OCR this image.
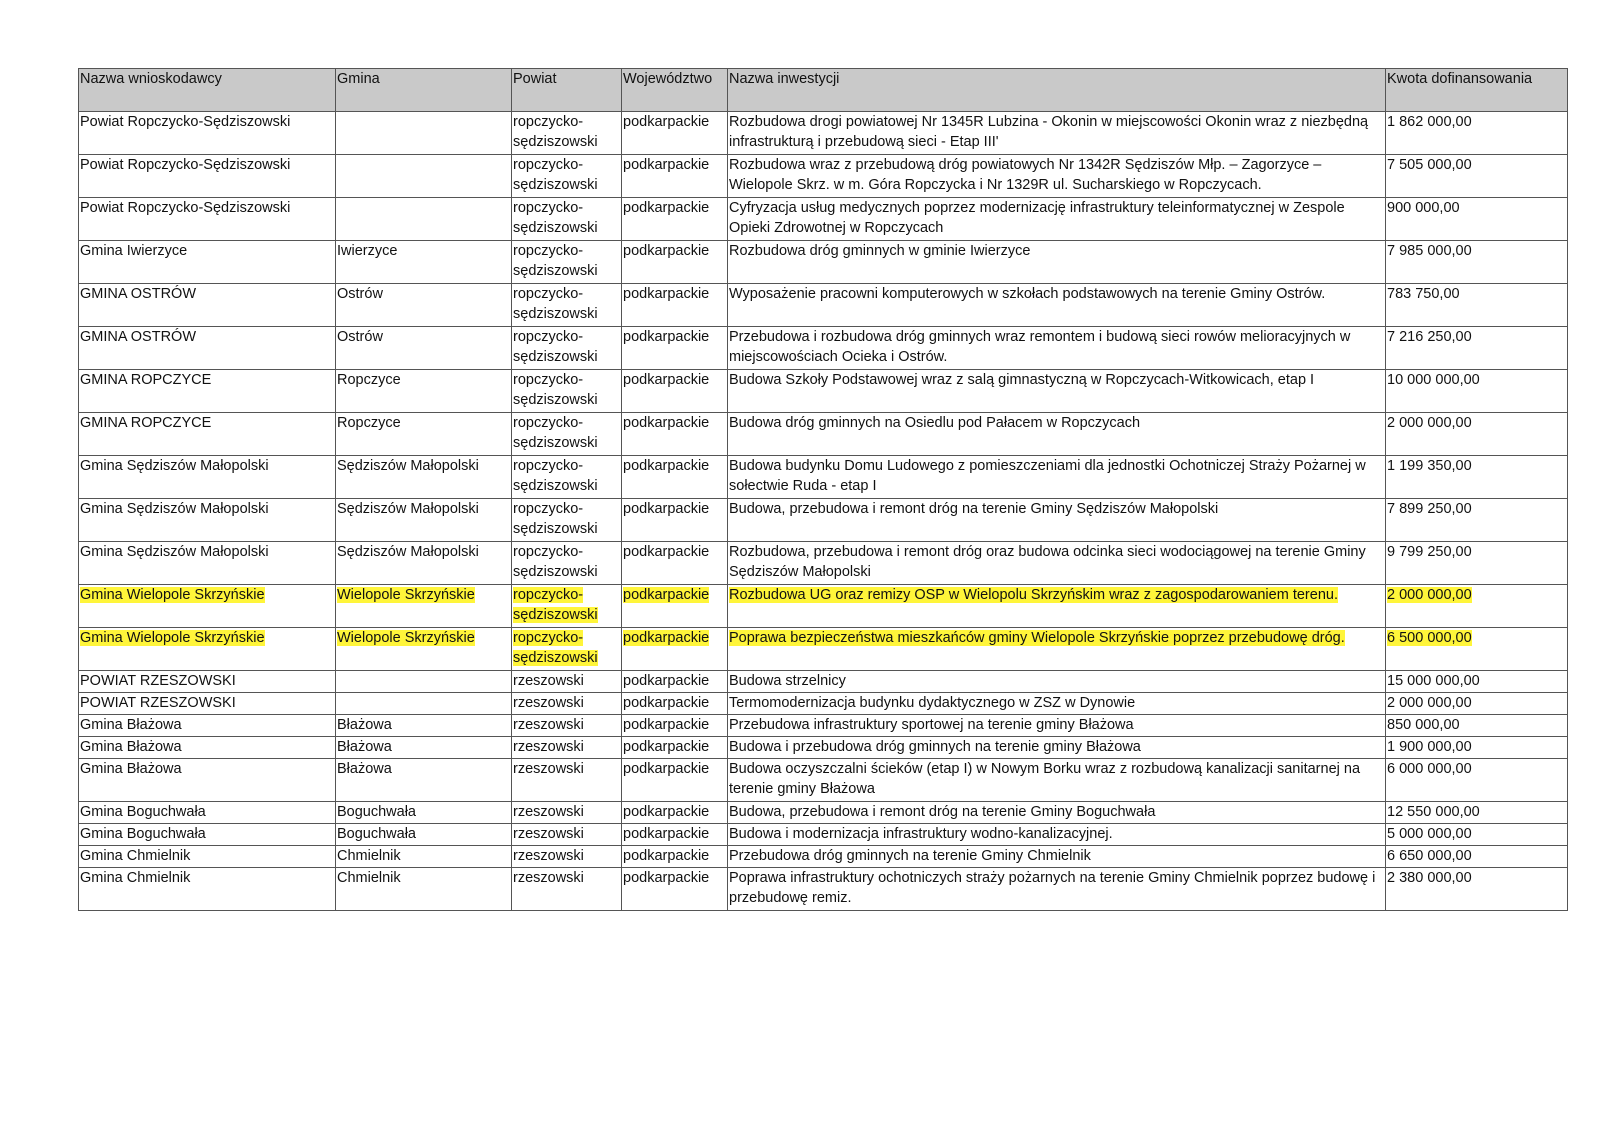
Nazwa wnioskodawcy	Gmina	Powiat	Województwo	Nazwa inwestycji	Kwota dofinansowania
Powiat Ropczycko-Sędziszowski		ropczycko-sędziszowski	podkarpackie	Rozbudowa drogi powiatowej Nr 1345R Lubzina - Okonin w miejscowości Okonin wraz z niezbędną infrastrukturą i przebudową sieci - Etap III'	1 862 000,00
Powiat Ropczycko-Sędziszowski		ropczycko-sędziszowski	podkarpackie	Rozbudowa wraz z przebudową dróg powiatowych Nr 1342R Sędziszów Młp. – Zagorzyce – Wielopole Skrz. w m. Góra Ropczycka i Nr 1329R ul. Sucharskiego w Ropczycach.	7 505 000,00
Powiat Ropczycko-Sędziszowski		ropczycko-sędziszowski	podkarpackie	Cyfryzacja usług medycznych poprzez modernizację infrastruktury teleinformatycznej w Zespole Opieki Zdrowotnej w Ropczycach	900 000,00
Gmina Iwierzyce	Iwierzyce	ropczycko-sędziszowski	podkarpackie	Rozbudowa dróg gminnych w gminie Iwierzyce	7 985 000,00
GMINA OSTRÓW	Ostrów	ropczycko-sędziszowski	podkarpackie	Wyposażenie pracowni komputerowych w szkołach podstawowych na terenie Gminy Ostrów.	783 750,00
GMINA OSTRÓW	Ostrów	ropczycko-sędziszowski	podkarpackie	Przebudowa i rozbudowa dróg gminnych wraz remontem i budową sieci rowów melioracyjnych w miejscowościach Ocieka i Ostrów.	7 216 250,00
GMINA ROPCZYCE	Ropczyce	ropczycko-sędziszowski	podkarpackie	Budowa Szkoły Podstawowej wraz z salą gimnastyczną w Ropczycach-Witkowicach, etap I	10 000 000,00
GMINA ROPCZYCE	Ropczyce	ropczycko-sędziszowski	podkarpackie	Budowa dróg gminnych na Osiedlu pod Pałacem w Ropczycach	2 000 000,00
Gmina Sędziszów Małopolski	Sędziszów Małopolski	ropczycko-sędziszowski	podkarpackie	Budowa budynku Domu Ludowego z pomieszczeniami dla jednostki Ochotniczej Straży Pożarnej w sołectwie Ruda - etap I	1 199 350,00
Gmina Sędziszów Małopolski	Sędziszów Małopolski	ropczycko-sędziszowski	podkarpackie	Budowa, przebudowa i remont dróg na terenie Gminy Sędziszów Małopolski	7 899 250,00
Gmina Sędziszów Małopolski	Sędziszów Małopolski	ropczycko-sędziszowski	podkarpackie	Rozbudowa, przebudowa i remont dróg oraz budowa odcinka sieci wodociągowej na terenie Gminy Sędziszów Małopolski	9 799 250,00
Gmina Wielopole Skrzyńskie	Wielopole Skrzyńskie	ropczycko-sędziszowski	podkarpackie	Rozbudowa UG oraz remizy OSP w Wielopolu Skrzyńskim wraz z zagospodarowaniem terenu.	2 000 000,00
Gmina Wielopole Skrzyńskie	Wielopole Skrzyńskie	ropczycko-sędziszowski	podkarpackie	Poprawa bezpieczeństwa mieszkańców gminy Wielopole Skrzyńskie poprzez przebudowę dróg.	6 500 000,00
POWIAT RZESZOWSKI		rzeszowski	podkarpackie	Budowa strzelnicy	15 000 000,00
POWIAT RZESZOWSKI		rzeszowski	podkarpackie	Termomodernizacja budynku dydaktycznego w ZSZ w Dynowie	2 000 000,00
Gmina Błażowa	Błażowa	rzeszowski	podkarpackie	Przebudowa infrastruktury sportowej na terenie gminy Błażowa	850 000,00
Gmina Błażowa	Błażowa	rzeszowski	podkarpackie	Budowa i przebudowa dróg gminnych na terenie gminy Błażowa	1 900 000,00
Gmina Błażowa	Błażowa	rzeszowski	podkarpackie	Budowa oczyszczalni ścieków (etap I) w Nowym Borku wraz z rozbudową kanalizacji sanitarnej na terenie gminy Błażowa	6 000 000,00
Gmina Boguchwała	Boguchwała	rzeszowski	podkarpackie	Budowa, przebudowa i remont dróg na terenie Gminy Boguchwała	12 550 000,00
Gmina Boguchwała	Boguchwała	rzeszowski	podkarpackie	Budowa i modernizacja infrastruktury wodno-kanalizacyjnej.	5 000 000,00
Gmina Chmielnik	Chmielnik	rzeszowski	podkarpackie	Przebudowa dróg gminnych na terenie Gminy Chmielnik	6 650 000,00
Gmina Chmielnik	Chmielnik	rzeszowski	podkarpackie	Poprawa infrastruktury ochotniczych straży pożarnych na terenie Gminy Chmielnik poprzez budowę i przebudowę remiz.	2 380 000,00
